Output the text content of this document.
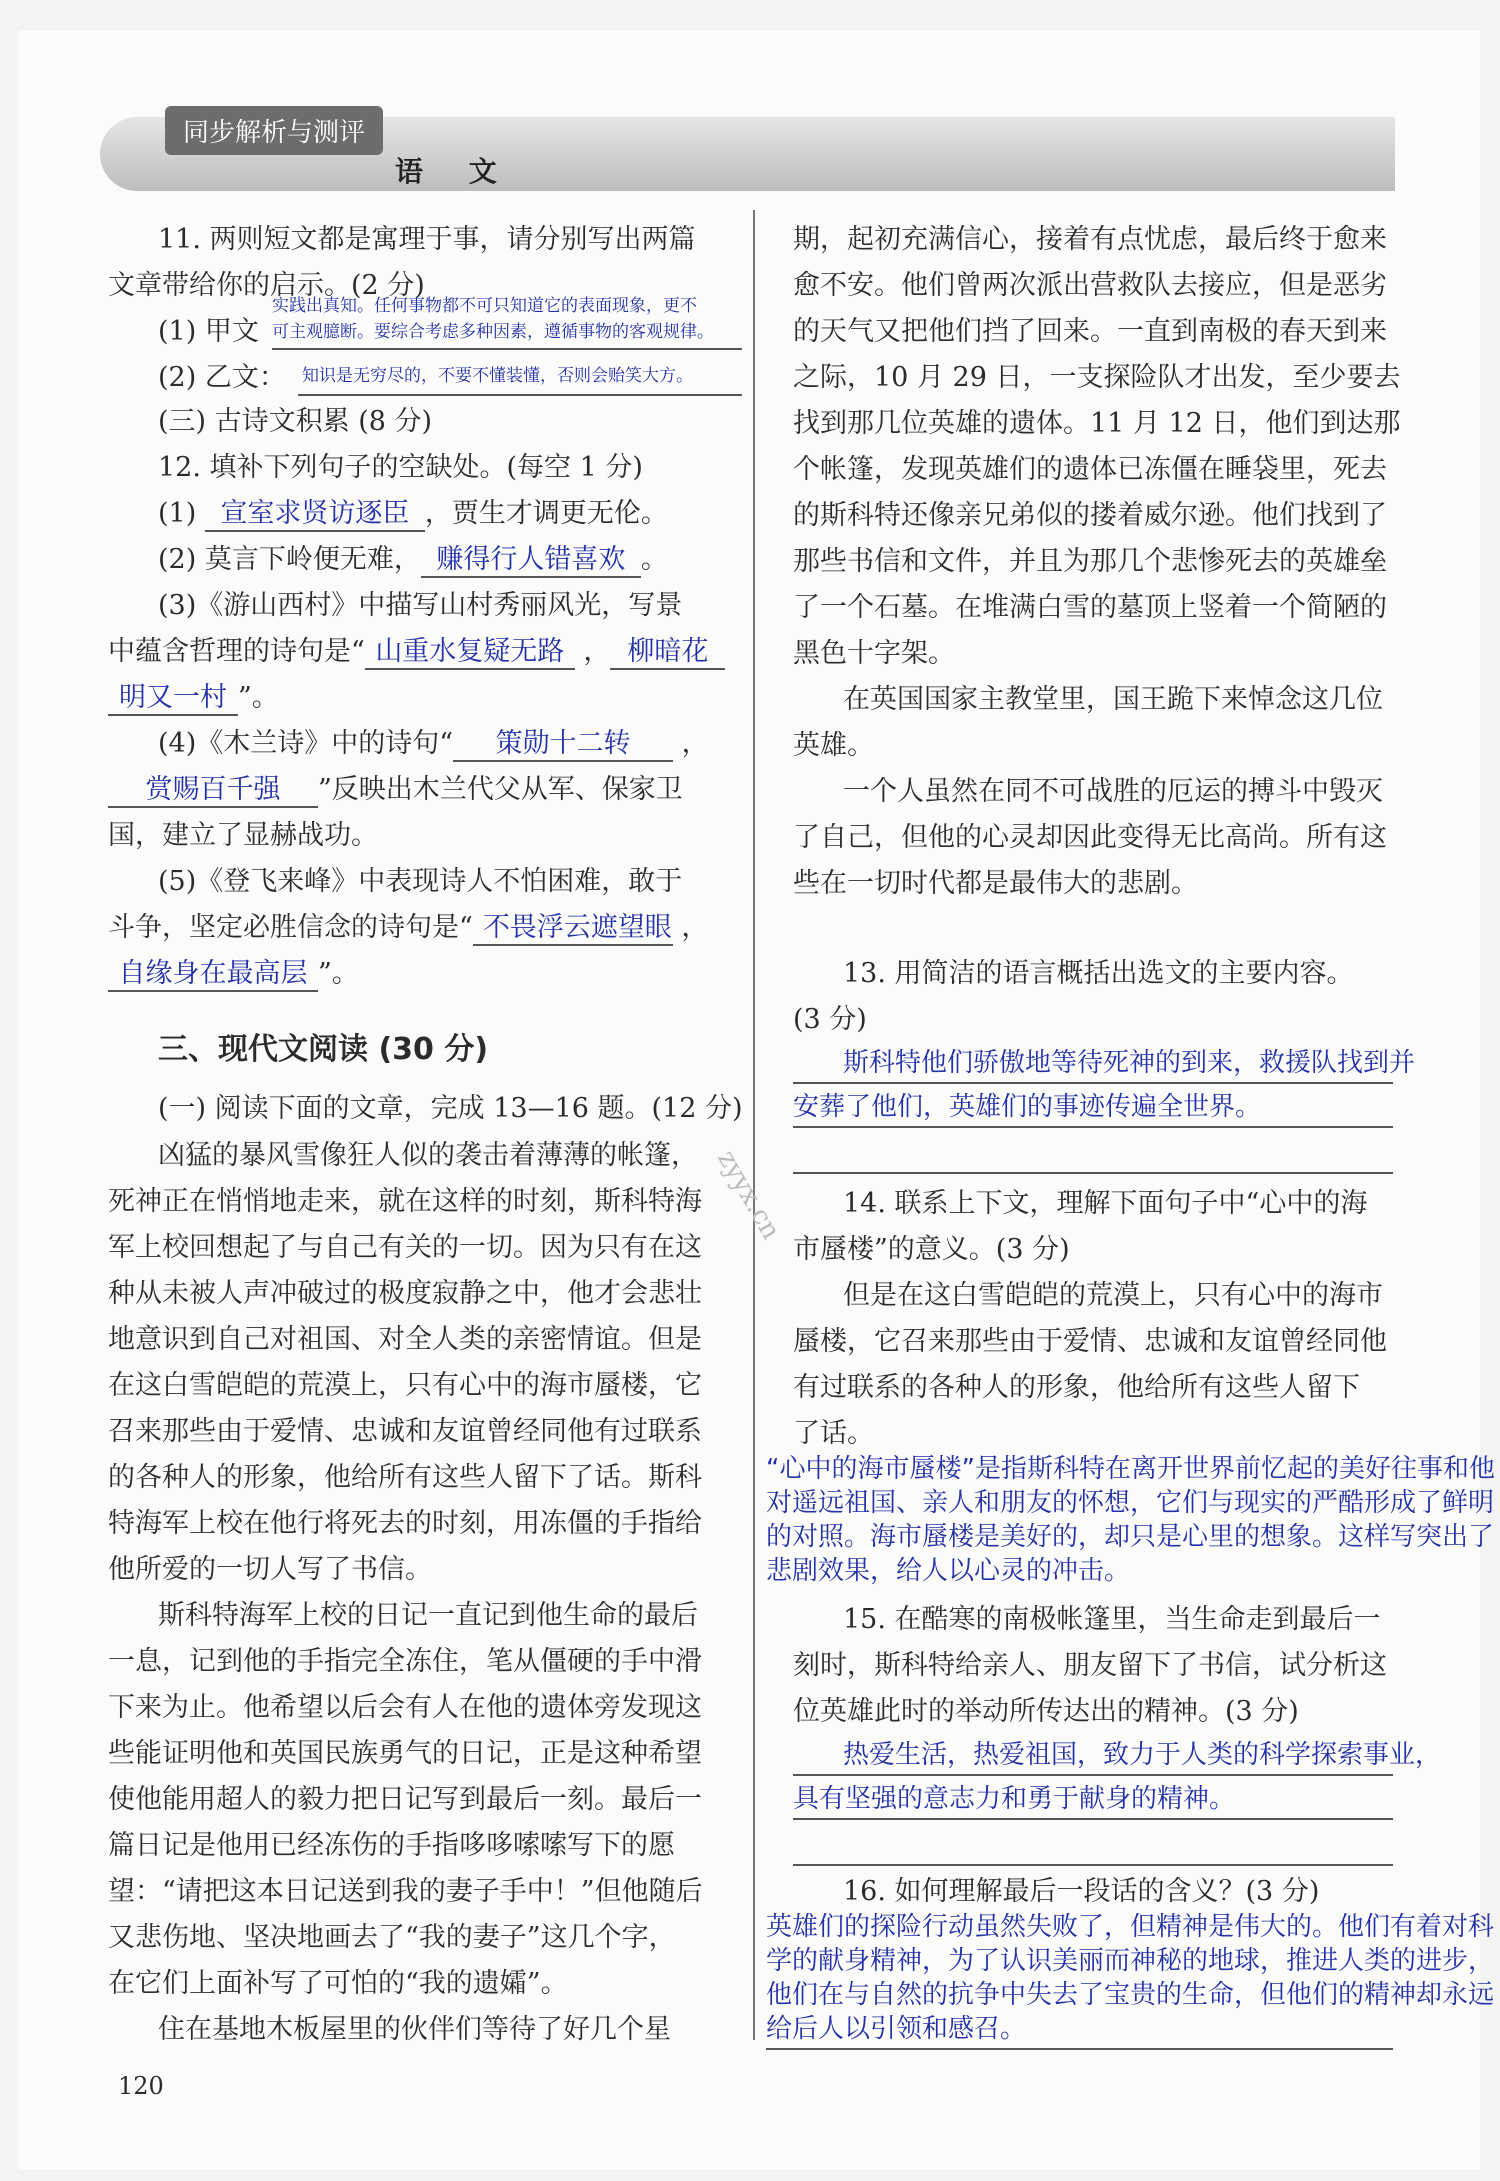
同步解析与测评
语 文
11. 两则短文都是寓理于事，请分别写出两篇
文章带给你的启示。(2 分)
(1) 甲文
实践出真知。任何事物都不可只知道它的表面现象，更不
可主观臆断。要综合考虑多种因素，遵循事物的客观规律。
(2) 乙文： 知识是无穷尽的，不要不懂装懂，否则会贻笑大方。
(三) 古诗文积累 (8 分)
12. 填补下列句子的空缺处。(每空 1 分)
(1) 宣室求贤访逐臣 ，贾生才调更无伦。
(2) 莫言下岭便无难， 赚得行人错喜欢 。
(3)《游山西村》中描写山村秀丽风光，写景
中蕴含哲理的诗句是“ 山重水复疑无路 ， 柳暗花
明又一村 ”。
(4)《木兰诗》中的诗句“ 策勋十二转 ，
赏赐百千强 ”反映出木兰代父从军、保家卫
国，建立了显赫战功。
(5)《登飞来峰》中表现诗人不怕困难，敢于
斗争，坚定必胜信念的诗句是“ 不畏浮云遮望眼 ，
自缘身在最高层 ”。
三、现代文阅读 (30 分)
(一) 阅读下面的文章，完成 13—16 题。(12 分)
凶猛的暴风雪像狂人似的袭击着薄薄的帐篷，
死神正在悄悄地走来，就在这样的时刻，斯科特海
军上校回想起了与自己有关的一切。因为只有在这
种从未被人声冲破过的极度寂静之中，他才会悲壮
地意识到自己对祖国、对全人类的亲密情谊。但是
在这白雪皑皑的荒漠上，只有心中的海市蜃楼，它
召来那些由于爱情、忠诚和友谊曾经同他有过联系
的各种人的形象，他给所有这些人留下了话。斯科
特海军上校在他行将死去的时刻，用冻僵的手指给
他所爱的一切人写了书信。
斯科特海军上校的日记一直记到他生命的最后
一息，记到他的手指完全冻住，笔从僵硬的手中滑
下来为止。他希望以后会有人在他的遗体旁发现这
些能证明他和英国民族勇气的日记，正是这种希望
使他能用超人的毅力把日记写到最后一刻。最后一
篇日记是他用已经冻伤的手指哆哆嗦嗦写下的愿
望：“请把这本日记送到我的妻子手中！”但他随后
又悲伤地、坚决地画去了“我的妻子”这几个字，
在它们上面补写了可怕的“我的遗孀”。
住在基地木板屋里的伙伴们等待了好几个星
期，起初充满信心，接着有点忧虑，最后终于愈来
愈不安。他们曾两次派出营救队去接应，但是恶劣
的天气又把他们挡了回来。一直到南极的春天到来
之际，10 月 29 日，一支探险队才出发，至少要去
找到那几位英雄的遗体。11 月 12 日，他们到达那
个帐篷，发现英雄们的遗体已冻僵在睡袋里，死去
的斯科特还像亲兄弟似的搂着威尔逊。他们找到了
那些书信和文件，并且为那几个悲惨死去的英雄垒
了一个石墓。在堆满白雪的墓顶上竖着一个简陋的
黑色十字架。
在英国国家主教堂里，国王跪下来悼念这几位
英雄。
一个人虽然在同不可战胜的厄运的搏斗中毁灭
了自己，但他的心灵却因此变得无比高尚。所有这
些在一切时代都是最伟大的悲剧。
13. 用简洁的语言概括出选文的主要内容。
(3 分)
斯科特他们骄傲地等待死神的到来，救援队找到并
安葬了他们，英雄们的事迹传遍全世界。
14. 联系上下文，理解下面句子中“心中的海
市蜃楼”的意义。(3 分)
但是在这白雪皑皑的荒漠上，只有心中的海市
蜃楼，它召来那些由于爱情、忠诚和友谊曾经同他
有过联系的各种人的形象，他给所有这些人留下
了话。
“心中的海市蜃楼”是指斯科特在离开世界前忆起的美好往事和他
对遥远祖国、亲人和朋友的怀想，它们与现实的严酷形成了鲜明
的对照。海市蜃楼是美好的，却只是心里的想象。这样写突出了
悲剧效果，给人以心灵的冲击。
15. 在酷寒的南极帐篷里，当生命走到最后一
刻时，斯科特给亲人、朋友留下了书信，试分析这
位英雄此时的举动所传达出的精神。(3 分)
热爱生活，热爱祖国，致力于人类的科学探索事业，
具有坚强的意志力和勇于献身的精神。
16. 如何理解最后一段话的含义？(3 分)
英雄们的探险行动虽然失败了，但精神是伟大的。他们有着对科
学的献身精神，为了认识美丽而神秘的地球，推进人类的进步，
他们在与自然的抗争中失去了宝贵的生命，但他们的精神却永远
给后人以引领和感召。
zyyx.cn
120
